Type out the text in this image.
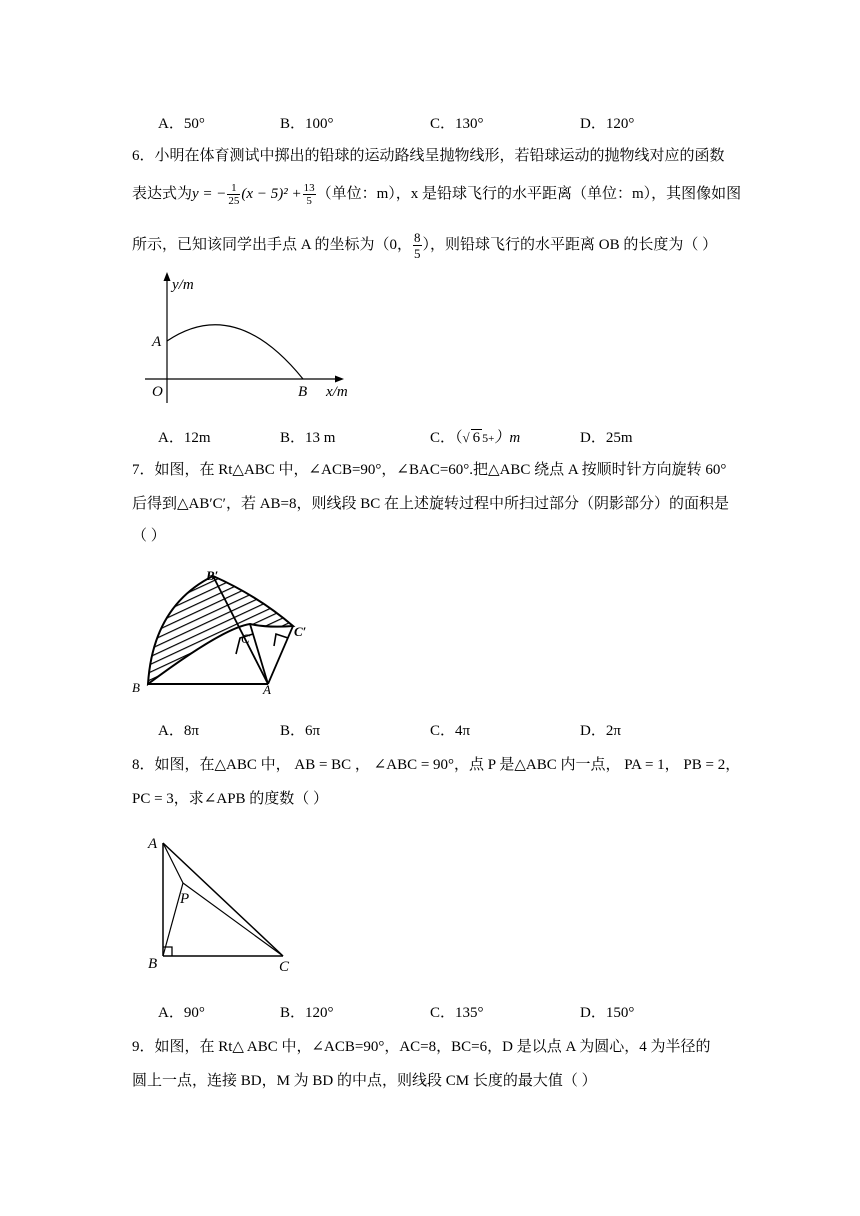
A．50°	B．100°	C．130°	D．120°
6．小明在体育测试中掷出的铅球的运动路线呈抛物线形，若铅球运动的抛物线对应的函数
表达式为y = − $\frac{1}{25} (x - 5)^2 + \frac{13}{5}$ （单位：m），x 是铅球飞行的水平距离（单位：m），其图像如图
所示，已知该同学出手点 A 的坐标为（0， $\frac{8}{5}$ ），则铅球飞行的水平距离 OB 的长度为（ ）
y/m
A
O	B x/m
A．12m	B．13 m	C．（√ 6 5+）m	D．25m
7．如图，在 Rt△ABC 中，∠ACB=90°，∠BAC=60°.把△ABC 绕点 A 按顺时针方向旋转 60°
后得到△AB′C′，若 AB=8，则线段 BC 在上述旋转过程中所扫过部分（阴影部分）的面积是
（ ）
B′
C	C′
B	A
A．8π	B．6π	C．4π	D．2π
8．如图，在△ABC 中， AB = BC ， ∠ABC = 90°，点 P 是△ABC 内一点， PA = 1， PB = 2，
PC = 3，求∠APB 的度数（ ）
A
P
B	C
A．90°	B．120°	C．135°	D．150°
9．如图，在 Rt△ ABC 中，∠ACB=90°，AC=8，BC=6，D 是以点 A 为圆心，4 为半径的
圆上一点，连接 BD，M 为 BD 的中点，则线段 CM 长度的最大值（ ）
